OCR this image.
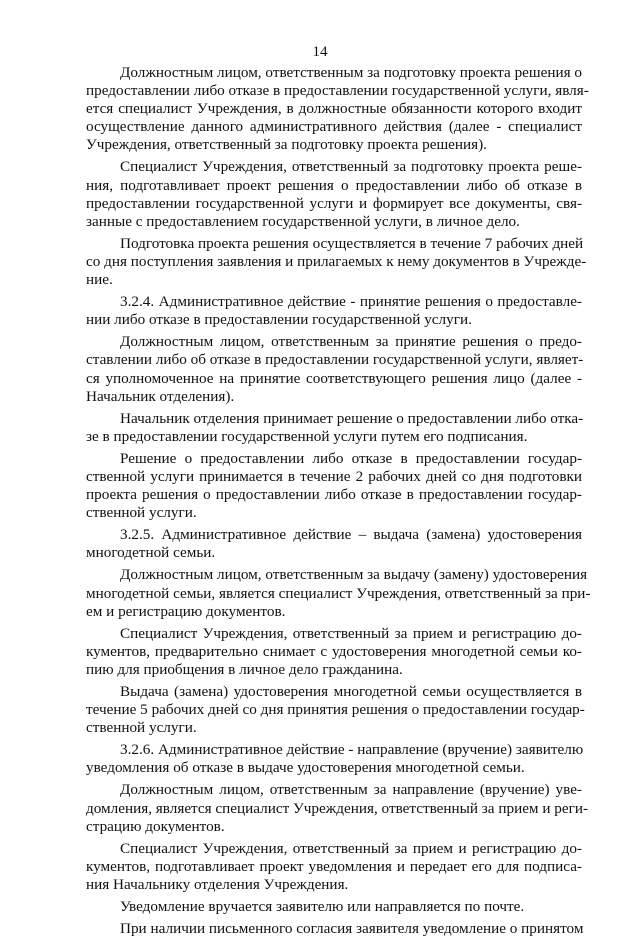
14
Должностным лицом, ответственным за подготовку проекта решения о
предоставлении либо отказе в предоставлении государственной услуги, явля-
ется специалист Учреждения, в должностные обязанности которого входит
осуществление данного административного действия (далее - специалист
Учреждения, ответственный за подготовку проекта решения).
Специалист Учреждения, ответственный за подготовку проекта реше-
ния, подготавливает проект решения о предоставлении либо об отказе в
предоставлении государственной услуги и формирует все документы, свя-
занные с предоставлением государственной услуги, в личное дело.
Подготовка проекта решения осуществляется в течение 7 рабочих дней
со дня поступления заявления и прилагаемых к нему документов в Учрежде-
ние.
3.2.4. Административное действие - принятие решения о предоставле-
нии либо отказе в предоставлении государственной услуги.
Должностным лицом, ответственным за принятие решения о предо-
ставлении либо об отказе в предоставлении государственной услуги, являет-
ся уполномоченное на принятие соответствующего решения лицо (далее -
Начальник отделения).
Начальник отделения принимает решение о предоставлении либо отка-
зе в предоставлении государственной услуги путем его подписания.
Решение о предоставлении либо отказе в предоставлении государ-
ственной услуги принимается в течение 2 рабочих дней со дня подготовки
проекта решения о предоставлении либо отказе в предоставлении государ-
ственной услуги.
3.2.5. Административное действие – выдача (замена) удостоверения
многодетной семьи.
Должностным лицом, ответственным за выдачу (замену) удостоверения
многодетной семьи, является специалист Учреждения, ответственный за при-
ем и регистрацию документов.
Специалист Учреждения, ответственный за прием и регистрацию до-
кументов, предварительно снимает с удостоверения многодетной семьи ко-
пию для приобщения в личное дело гражданина.
Выдача (замена) удостоверения многодетной семьи осуществляется в
течение 5 рабочих дней со дня принятия решения о предоставлении государ-
ственной услуги.
3.2.6. Административное действие - направление (вручение) заявителю
уведомления об отказе в выдаче удостоверения многодетной семьи.
Должностным лицом, ответственным за направление (вручение) уве-
домления, является специалист Учреждения, ответственный за прием и реги-
страцию документов.
Специалист Учреждения, ответственный за прием и регистрацию до-
кументов, подготавливает проект уведомления и передает его для подписа-
ния Начальнику отделения Учреждения.
Уведомление вручается заявителю или направляется по почте.
При наличии письменного согласия заявителя уведомление о принятом
